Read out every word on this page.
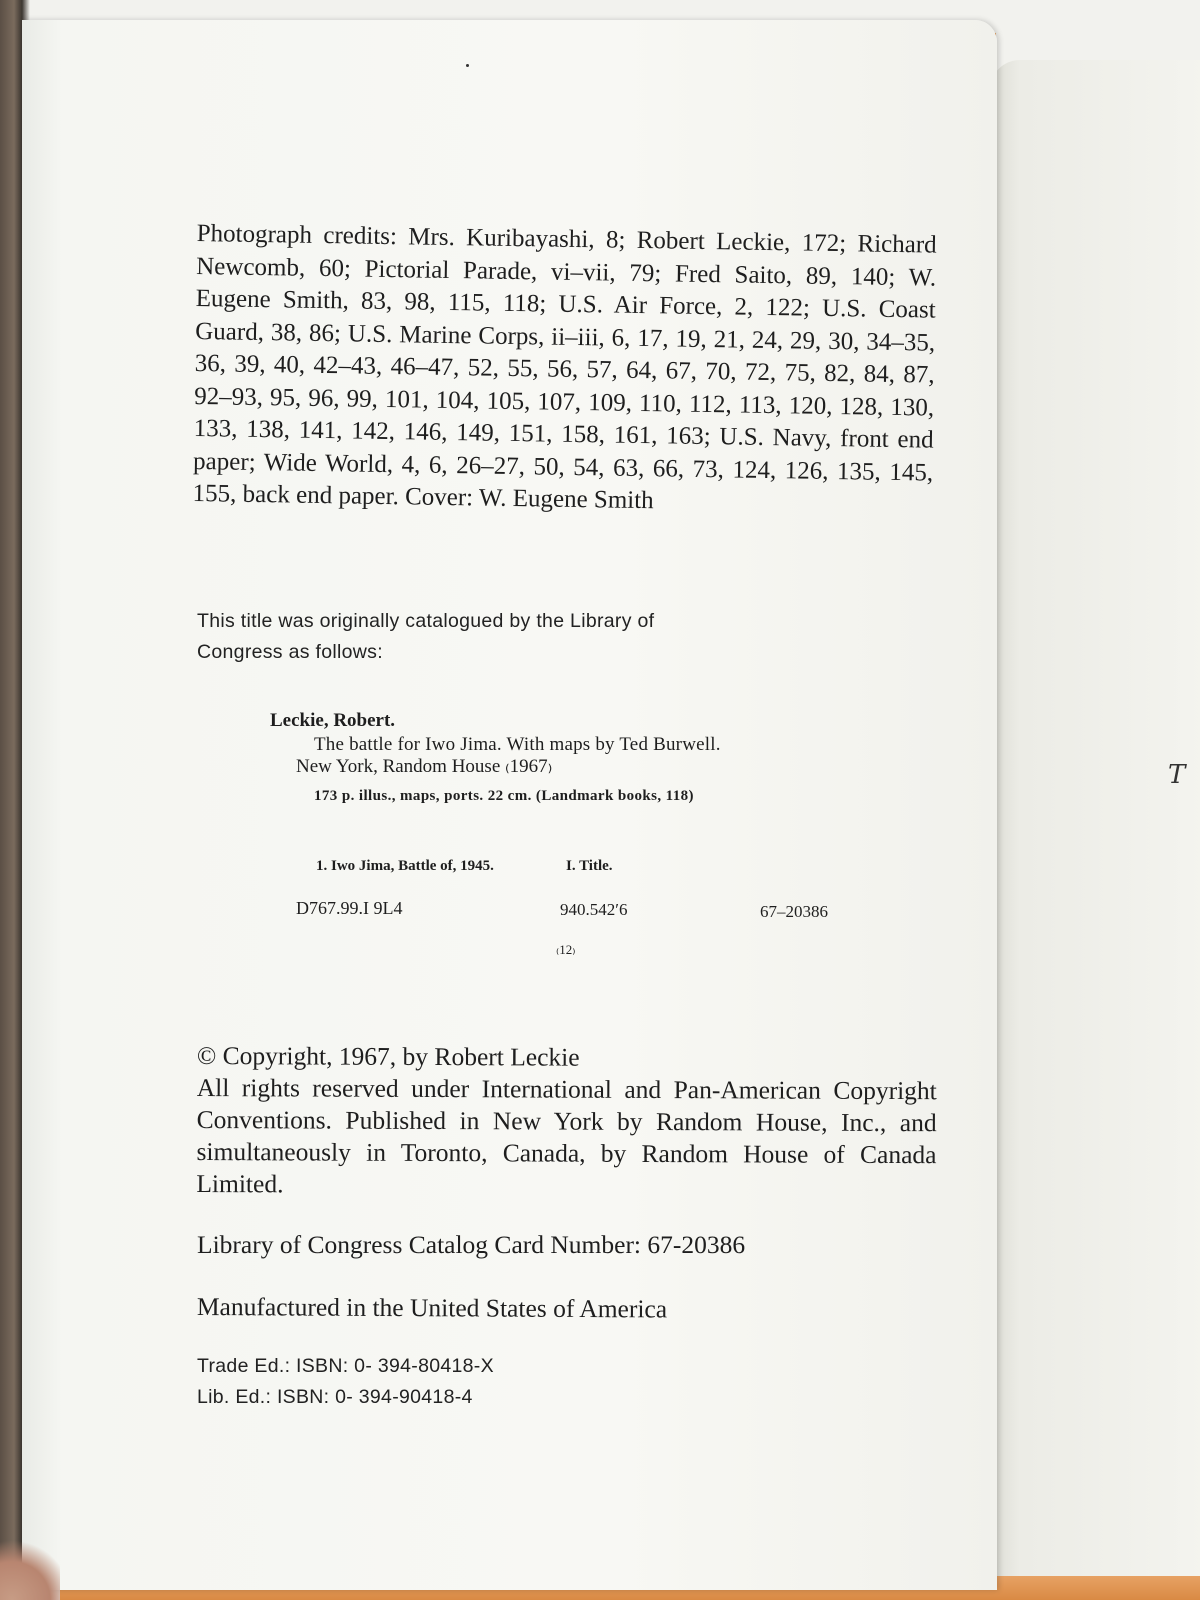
T
Photograph credits: Mrs. Kuribayashi, 8; Robert Leckie, 172; Richard Newcomb, 60; Pictorial Parade, vi–vii, 79; Fred Saito, 89, 140; W. Eugene Smith, 83, 98, 115, 118; U.S. Air Force, 2, 122; U.S. Coast Guard, 38, 86; U.S. Marine Corps, ii–iii, 6, 17, 19, 21, 24, 29, 30, 34–35, 36, 39, 40, 42–43, 46–47, 52, 55, 56, 57, 64, 67, 70, 72, 75, 82, 84, 87, 92–93, 95, 96, 99, 101, 104, 105, 107, 109, 110, 112, 113, 120, 128, 130, 133, 138, 141, 142, 146, 149, 151, 158, 161, 163; U.S. Navy, front end paper; Wide World, 4, 6, 26–27, 50, 54, 63, 66, 73, 124, 126, 135, 145, 155, back end paper. Cover: W. Eugene Smith
This title was originally catalogued by the Library of
Congress as follows:
Leckie, Robert.
The battle for Iwo Jima. With maps by Ted Burwell.
New York, Random House ₍1967₎
173 p. illus., maps, ports. 22 cm. (Landmark books, 118)
1. Iwo Jima, Battle of, 1945.	I. Title.
D767.99.I 9L4	940.542′6	67–20386
₍12₎
© Copyright, 1967, by Robert Leckie
All rights reserved under International and Pan-American Copyright Conventions. Published in New York by Random House, Inc., and simultaneously in Toronto, Canada, by Random House of Canada Limited.
Library of Congress Catalog Card Number: 67-20386
Manufactured in the United States of America
Trade Ed.: ISBN: 0- 394-80418-X
Lib. Ed.: ISBN: 0- 394-90418-4
